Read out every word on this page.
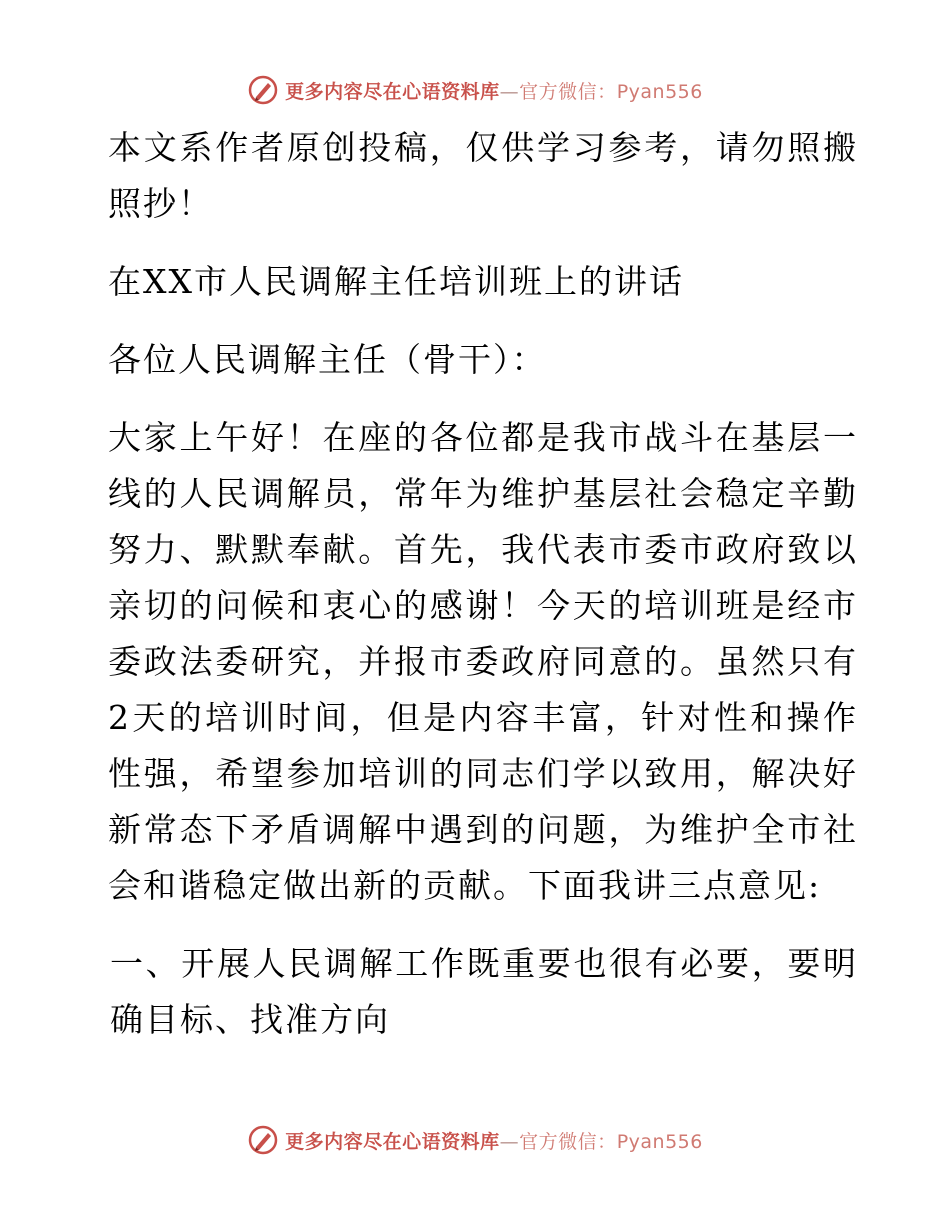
更多内容尽在心语资料库—官方微信：Pyan556

本文系作者原创投稿，仅供学习参考，请勿照搬照抄！

在XX市人民调解主任培训班上的讲话

各位人民调解主任（骨干）：

大家上午好！在座的各位都是我市战斗在基层一线的人民调解员，常年为维护基层社会稳定辛勤努力、默默奉献。首先，我代表市委市政府致以亲切的问候和衷心的感谢！今天的培训班是经市委政法委研究，并报市委政府同意的。虽然只有2天的培训时间，但是内容丰富，针对性和操作性强，希望参加培训的同志们学以致用，解决好新常态下矛盾调解中遇到的问题，为维护全市社会和谐稳定做出新的贡献。下面我讲三点意见:

一、开展人民调解工作既重要也很有必要，要明确目标、找准方向

更多内容尽在心语资料库—官方微信：Pyan556
